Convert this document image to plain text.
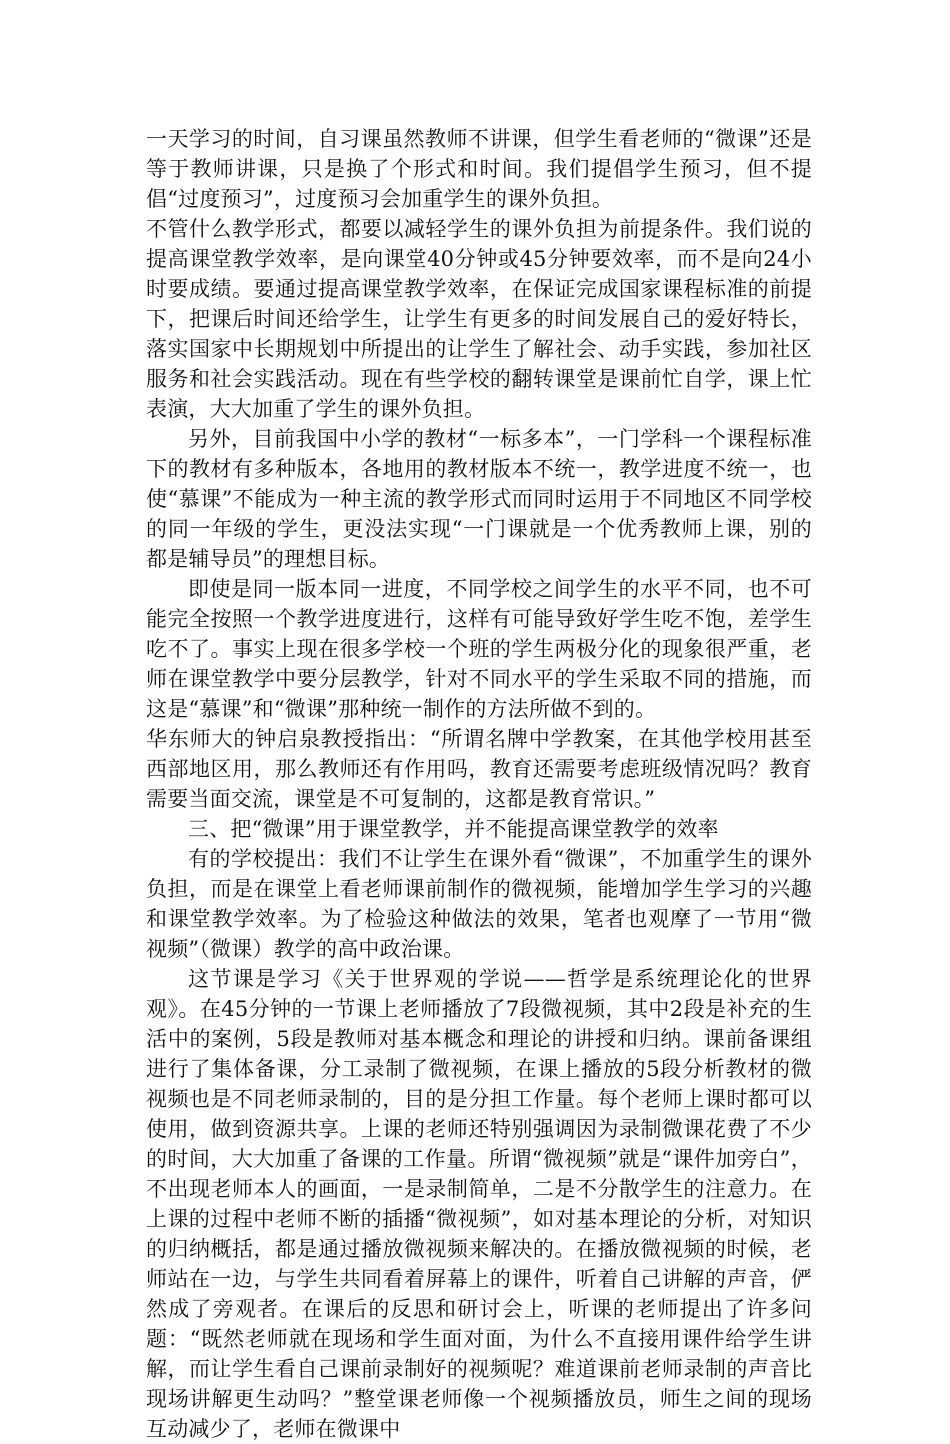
一天学习的时间，自习课虽然教师不讲课，但学生看老师的“微课”还是等于教师讲课，只是换了个形式和时间。我们提倡学生预习，但不提倡“过度预习”，过度预习会加重学生的课外负担。

不管什么教学形式，都要以减轻学生的课外负担为前提条件。我们说的提高课堂教学效率，是向课堂40分钟或45分钟要效率，而不是向24小时要成绩。要通过提高课堂教学效率，在保证完成国家课程标准的前提下，把课后时间还给学生，让学生有更多的时间发展自己的爱好特长，落实国家中长期规划中所提出的让学生了解社会、动手实践，参加社区服务和社会实践活动。现在有些学校的翻转课堂是课前忙自学，课上忙表演，大大加重了学生的课外负担。

另外，目前我国中小学的教材“一标多本”，一门学科一个课程标准下的教材有多种版本，各地用的教材版本不统一，教学进度不统一，也使“慕课”不能成为一种主流的教学形式而同时运用于不同地区不同学校的同一年级的学生，更没法实现“一门课就是一个优秀教师上课，别的都是辅导员”的理想目标。

即使是同一版本同一进度，不同学校之间学生的水平不同，也不可能完全按照一个教学进度进行，这样有可能导致好学生吃不饱，差学生吃不了。事实上现在很多学校一个班的学生两极分化的现象很严重，老师在课堂教学中要分层教学，针对不同水平的学生采取不同的措施，而这是“慕课”和“微课”那种统一制作的方法所做不到的。

华东师大的钟启泉教授指出：“所谓名牌中学教案，在其他学校用甚至西部地区用，那么教师还有作用吗，教育还需要考虑班级情况吗？教育需要当面交流，课堂是不可复制的，这都是教育常识。”

三、把“微课”用于课堂教学，并不能提高课堂教学的效率

有的学校提出：我们不让学生在课外看“微课”，不加重学生的课外负担，而是在课堂上看老师课前制作的微视频，能增加学生学习的兴趣和课堂教学效率。为了检验这种做法的效果，笔者也观摩了一节用“微视频”（微课）教学的高中政治课。

这节课是学习《关于世界观的学说——哲学是系统理论化的世界观》。在45分钟的一节课上老师播放了7段微视频，其中2段是补充的生活中的案例，5段是教师对基本概念和理论的讲授和归纳。课前备课组进行了集体备课，分工录制了微视频，在课上播放的5段分析教材的微视频也是不同老师录制的，目的是分担工作量。每个老师上课时都可以使用，做到资源共享。上课的老师还特别强调因为录制微课花费了不少的时间，大大加重了备课的工作量。所谓“微视频”就是“课件加旁白”，不出现老师本人的画面，一是录制简单，二是不分散学生的注意力。在上课的过程中老师不断的插播“微视频”，如对基本理论的分析，对知识的归纳概括，都是通过播放微视频来解决的。在播放微视频的时候，老师站在一边，与学生共同看着屏幕上的课件，听着自己讲解的声音，俨然成了旁观者。在课后的反思和研讨会上，听课的老师提出了许多问题：“既然老师就在现场和学生面对面，为什么不直接用课件给学生讲解，而让学生看自己课前录制好的视频呢？难道课前老师录制的声音比现场讲解更生动吗？”整堂课老师像一个视频播放员，师生之间的现场互动减少了，老师在微课中
